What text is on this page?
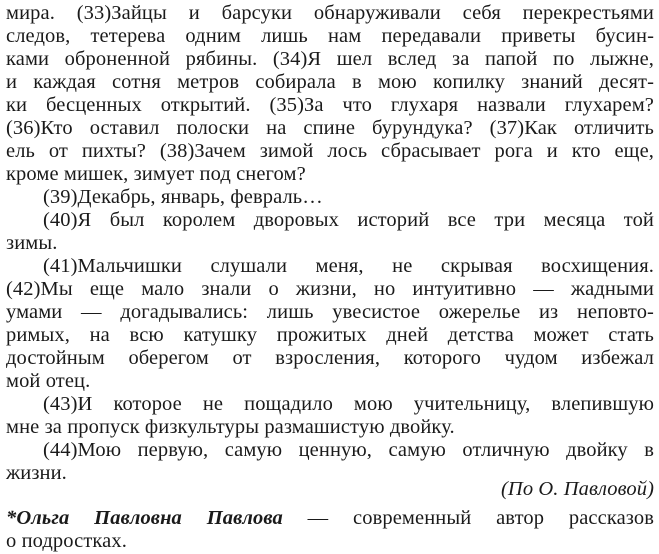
мира. (33)Зайцы и барсуки обнаруживали себя перекрестьями
следов, тетерева одним лишь нам передавали приветы бусин-
ками оброненной рябины. (34)Я шел вслед за папой по лыжне,
и каждая сотня метров собирала в мою копилку знаний десят-
ки бесценных открытий. (35)За что глухаря назвали глухарем?
(36)Кто оставил полоски на спине бурундука? (37)Как отличить
ель от пихты? (38)Зачем зимой лось сбрасывает рога и кто еще,
кроме мишек, зимует под снегом?
(39)Декабрь, январь, февраль…
(40)Я был королем дворовых историй все три месяца той
зимы.
(41)Мальчишки слушали меня, не скрывая восхищения.
(42)Мы еще мало знали о жизни, но интуитивно — жадными
умами — догадывались: лишь увесистое ожерелье из неповто-
римых, на всю катушку прожитых дней детства может стать
достойным оберегом от взросления, которого чудом избежал
мой отец.
(43)И которое не пощадило мою учительницу, влепившую
мне за пропуск физкультуры размашистую двойку.
(44)Мою первую, самую ценную, самую отличную двойку в
жизни.
(По О. Павловой)
*Ольга Павловна Павлова — современный автор рассказов
о подростках.
